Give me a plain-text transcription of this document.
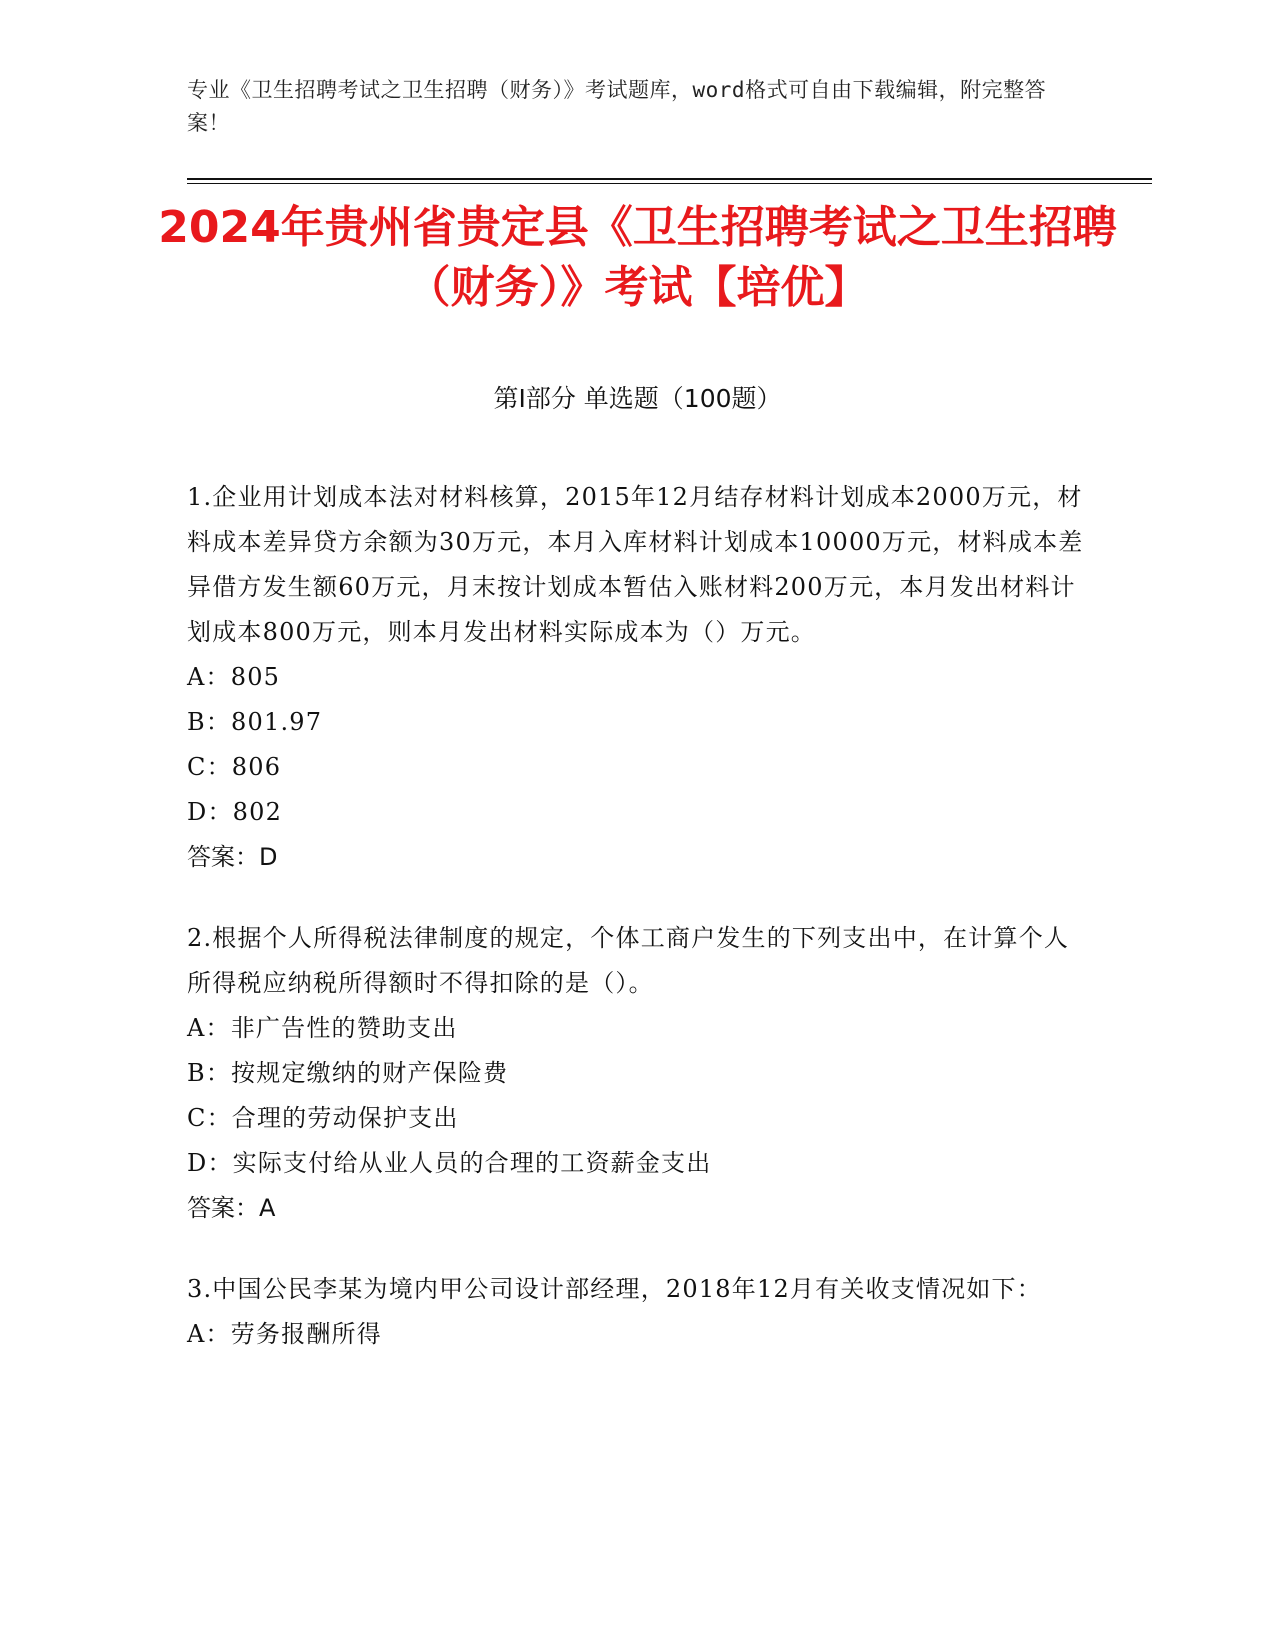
专业《卫生招聘考试之卫生招聘（财务）》考试题库，word格式可自由下载编辑，附完整答案！
2024年贵州省贵定县《卫生招聘考试之卫生招聘（财务）》考试【培优】
第I部分 单选题（100题）
1.企业用计划成本法对材料核算，2015年12月结存材料计划成本2000万元，材料成本差异贷方余额为30万元，本月入库材料计划成本10000万元，材料成本差异借方发生额60万元，月末按计划成本暂估入账材料200万元，本月发出材料计划成本800万元，则本月发出材料实际成本为（）万元。
A：805
B：801.97
C：806
D：802
答案：D
2.根据个人所得税法律制度的规定，个体工商户发生的下列支出中，在计算个人所得税应纳税所得额时不得扣除的是（）。
A：非广告性的赞助支出
B：按规定缴纳的财产保险费
C：合理的劳动保护支出
D：实际支付给从业人员的合理的工资薪金支出
答案：A
3.中国公民李某为境内甲公司设计部经理，2018年12月有关收支情况如下：
A：劳务报酬所得
